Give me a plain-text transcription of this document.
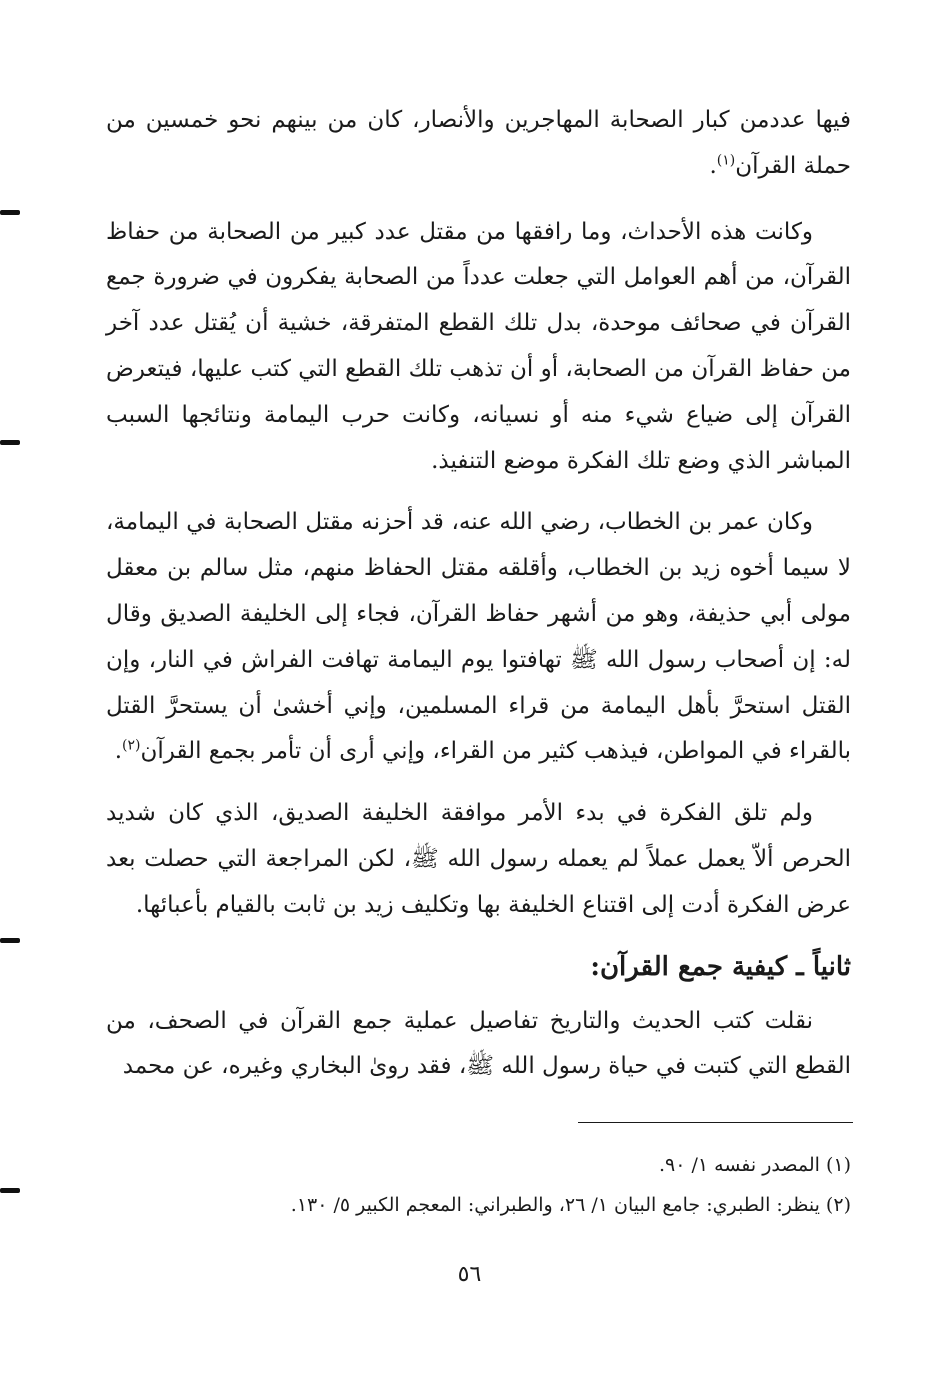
فيها عددمن كبار الصحابة المهاجرين والأنصار، كان من بينهم نحو خمسين من حملة القرآن$^{(١)}$.

وكانت هذه الأحداث، وما رافقها من مقتل عدد كبير من الصحابة من حفاظ القرآن، من أهم العوامل التي جعلت عدداً من الصحابة يفكرون في ضرورة جمع القرآن في صحائف موحدة، بدل تلك القطع المتفرقة، خشية أن يُقتل عدد آخر من حفاظ القرآن من الصحابة، أو أن تذهب تلك القطع التي كتب عليها، فيتعرض القرآن إلى ضياع شيء منه أو نسيانه، وكانت حرب اليمامة ونتائجها السبب المباشر الذي وضع تلك الفكرة موضع التنفيذ.

وكان عمر بن الخطاب، رضي الله عنه، قد أحزنه مقتل الصحابة في اليمامة، لا سيما أخوه زيد بن الخطاب، وأقلقه مقتل الحفاظ منهم، مثل سالم بن معقل مولى أبي حذيفة، وهو من أشهر حفاظ القرآن، فجاء إلى الخليفة الصديق وقال له: إن أصحاب رسول الله ﷺ تهافتوا يوم اليمامة تهافت الفراش في النار، وإن القتل استحرَّ بأهل اليمامة من قراء المسلمين، وإني أخشىٰ أن يستحرَّ القتل بالقراء في المواطن، فيذهب كثير من القراء، وإني أرى أن تأمر بجمع القرآن$^{(٢)}$.

ولم تلق الفكرة في بدء الأمر موافقة الخليفة الصديق، الذي كان شديد الحرص ألاّ يعمل عملاً لم يعمله رسول الله ﷺ، لكن المراجعة التي حصلت بعد عرض الفكرة أدت إلى اقتناع الخليفة بها وتكليف زيد بن ثابت بالقيام بأعبائها.

ثانياً ـ كيفية جمع القرآن:

نقلت كتب الحديث والتاريخ تفاصيل عملية جمع القرآن في الصحف، من القطع التي كتبت في حياة رسول الله ﷺ، فقد روىٰ البخاري وغيره، عن محمد

(١) المصدر نفسه ١/ ٩٠.
(٢) ينظر: الطبري: جامع البيان ١/ ٢٦، والطبراني: المعجم الكبير ٥/ ١٣٠.
٥٦
